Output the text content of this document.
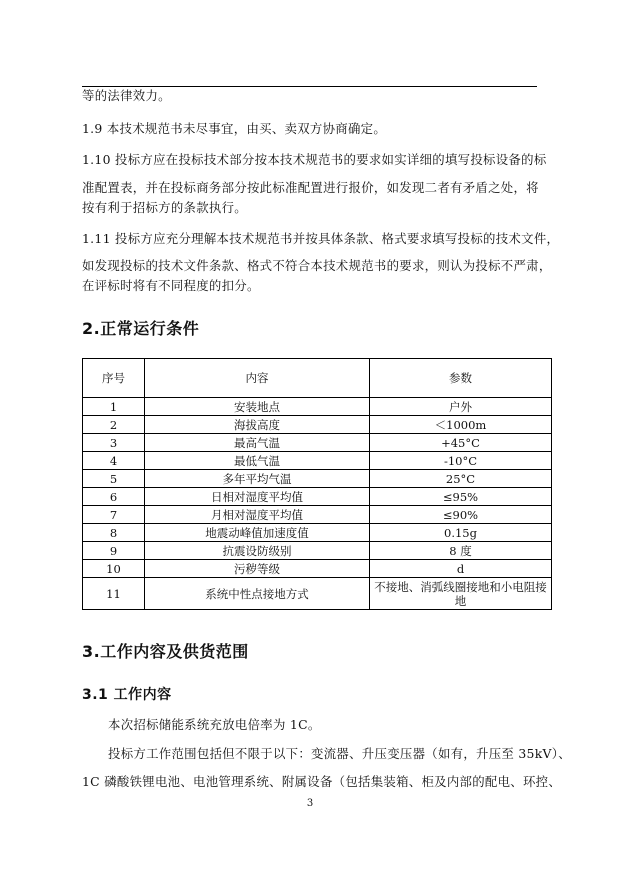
等的法律效力。
1.9 本技术规范书未尽事宜，由买、卖双方协商确定。
1.10 投标方应在投标技术部分按本技术规范书的要求如实详细的填写投标设备的标
准配置表，并在投标商务部分按此标准配置进行报价，如发现二者有矛盾之处，将
按有利于招标方的条款执行。
1.11 投标方应充分理解本技术规范书并按具体条款、格式要求填写投标的技术文件，
如发现投标的技术文件条款、格式不符合本技术规范书的要求，则认为投标不严肃，
在评标时将有不同程度的扣分。
2.正常运行条件
序号	内容	参数
1	安装地点	户外
2	海拔高度	＜1000m
3	最高气温	+45°C
4	最低气温	-10°C
5	多年平均气温	25°C
6	日相对湿度平均值	≤95%
7	月相对湿度平均值	≤90%
8	地震动峰值加速度值	0.15g
9	抗震设防级别	8 度
10	污秽等级	d
11	系统中性点接地方式	不接地、消弧线圈接地和小电阻接地
3.工作内容及供货范围
3.1 工作内容
本次招标储能系统充放电倍率为 1C。
投标方工作范围包括但不限于以下：变流器、升压变压器（如有，升压至 35kV）、
1C 磷酸铁锂电池、电池管理系统、附属设备（包括集装箱、柜及内部的配电、环控、
3
